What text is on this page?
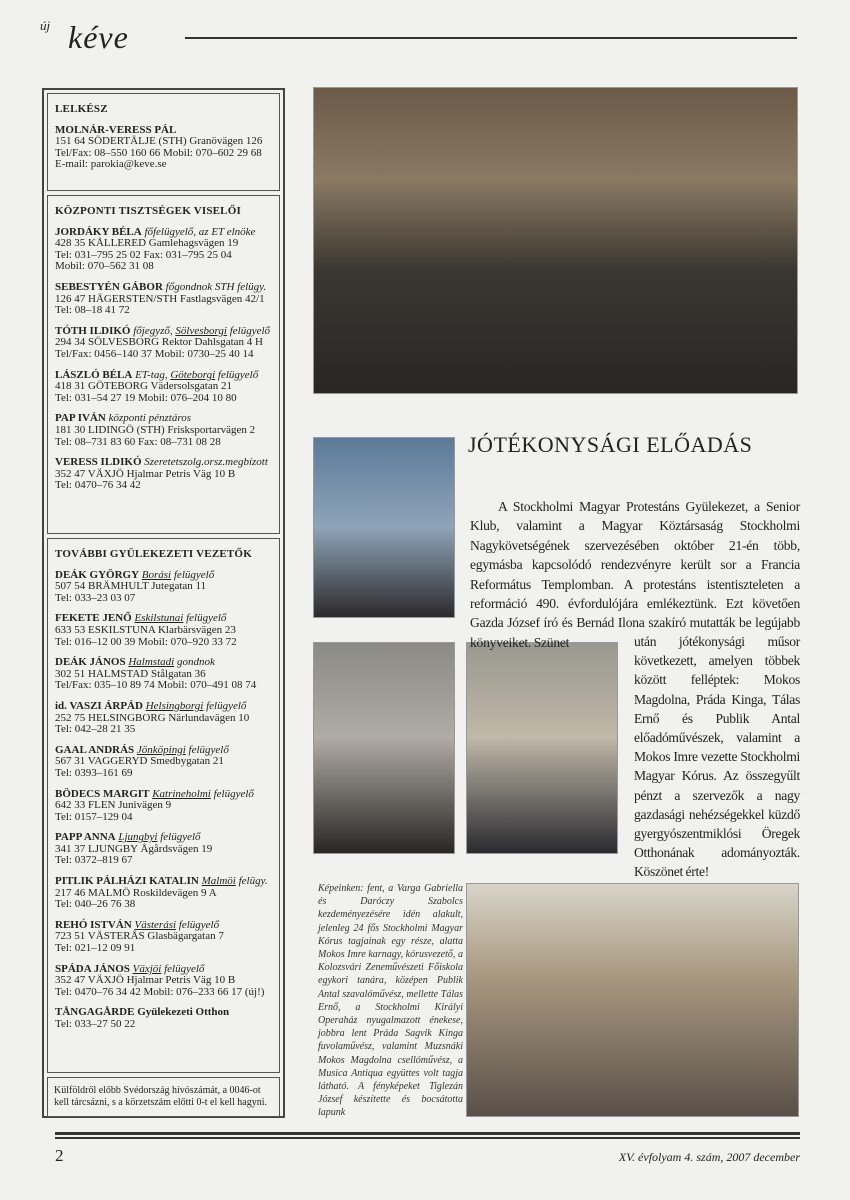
új kéve
LELKÉSZ
MOLNÁR-VERESS PÁL
151 64 SÖDERTÄLJE (STH) Granövägen 126
Tel/Fax: 08–550 160 66 Mobil: 070–602 29 68
E-mail: parokia@keve.se
KÖZPONTI TISZTSÉGEK VISELŐI
JORDÁKY BÉLA főfelügyelő, az ET elnöke
428 35 KÅLLERED Gamlehagsvägen 19
Tel: 031–795 25 02 Fax: 031–795 25 04
Mobil: 070–562 31 08
SEBESTYÉN GÁBOR főgondnok STH felügy.
126 47 HÄGERSTEN/STH Fastlagsvägen 42/1
Tel: 08–18 41 72
TÓTH ILDIKÓ főjegyző, Sölvesborgi felügyelő
294 34 SÖLVESBORG Rektor Dahlsgatan 4 H
Tel/Fax: 0456–140 37 Mobil: 0730–25 40 14
LÁSZLÓ BÉLA ET-tag, Göteborgi felügyelő
418 31 GÖTEBORG Vädersolsgatan 21
Tel: 031–54 27 19 Mobil: 076–204 10 80
PAP IVÁN központi pénztáros
181 30 LIDINGÖ (STH) Frisksportarvägen 2
Tel: 08–731 83 60 Fax: 08–731 08 28
VERESS ILDIKÓ Szeretetszolg.orsz.megbízott
352 47 VÄXJÖ Hjalmar Petris Väg 10 B
Tel: 0470–76 34 42
TOVÁBBI GYÜLEKEZETI VEZETŐK
DEÁK GYÖRGY Borási felügyelő
507 54 BRÄMHULT Jutegatan 11
Tel: 033–23 03 07
FEKETE JENŐ Eskilstunai felügyelő
633 53 ESKILSTUNA Klarbärsvägen 23
Tel: 016–12 00 39 Mobil: 070–920 33 72
DEÁK JÁNOS Halmstadi gondnok
302 51 HALMSTAD Stålgatan 36
Tel/Fax: 035–10 89 74 Mobil: 070–491 08 74
id. VASZI ÁRPÁD Helsingborgi felügyelő
252 75 HELSINGBORG Närlundavägen 10
Tel: 042–28 21 35
GAAL ANDRÁS Jönköpingi felügyelő
567 31 VAGGERYD Smedbygatan 21
Tel: 0393–161 69
BÖDECS MARGIT Katrineholmi felügyelő
642 33 FLEN Junivägen 9
Tel: 0157–129 04
PAPP ANNA Ljungbyi felügyelő
341 37 LJUNGBY Ågårdsvägen 19
Tel: 0372–819 67
PITLIK PÁLHÁZI KATALIN Malmöi felügy.
217 46 MALMÖ Roskildevägen 9 A
Tel: 040–26 76 38
REHÓ ISTVÁN Västerási felügyelő
723 51 VÄSTERÅS Glasbägargatan 7
Tel: 021–12 09 91
SPÁDA JÁNOS Växjöi felügyelő
352 47 VÄXJÖ Hjalmar Petris Väg 10 B
Tel: 0470–76 34 42 Mobil: 076–233 66 17 (új!)
TÅNGAGÅRDE Gyülekezeti Otthon
Tel: 033–27 50 22
Külföldről előbb Svédország hívószámát, a 0046-ot kell tárcsázni, s a körzetszám előtti 0-t el kell hagyni.
JÓTÉKONYSÁGI ELŐADÁS
A Stockholmi Magyar Protestáns Gyülekezet, a Senior Klub, valamint a Magyar Köztársaság Stockholmi Nagykövetségének szervezésében október 21-én több, egymásba kapcsolódó rendezvényre került sor a Francia Református Templomban. A protestáns istentiszteleten a reformáció 490. évfordulójára emlékeztünk. Ezt követően Gazda József író és Bernád Ilona szakíró mutatták be legújabb könyveiket. Szünet	után jótékonysági műsor következett, amelyen többek között felléptek: Mokos Magdolna, Práda Kinga, Tálas Ernő és Publik Antal előadóművészek, valamint a Mokos Imre vezette Stockholmi Magyar Kórus. Az összegyűlt pénzt a szervezők a nagy gazdasági nehézségekkel küzdő gyergyószentmiklósi Öregek Otthonának adományozták. Köszönet érte!
Képeinken: fent, a Varga Gabriella és Daróczy Szabolcs kezdeményezésére idén alakult, jelenleg 24 fős Stockholmi Magyar Kórus tagjainak egy része, alatta Mokos Imre karnagy, kórusvezető, a Kolozsvári Zeneművészeti Főiskola egykori tanára, középen Publik Antal szavalóművész, mellette Tálas Ernő, a Stockholmi Királyi Operaház nyugalmazott énekese, jobbra lent Práda Sagvik Kinga fuvolaművész, valamint Muzsnáki Mokos Magdolna csellóművész, a Musica Antiqua együttes volt tagja látható. A fényképeket Tiglezán József készítette és bocsátotta lapunk
2	XV. évfolyam 4. szám, 2007 december
